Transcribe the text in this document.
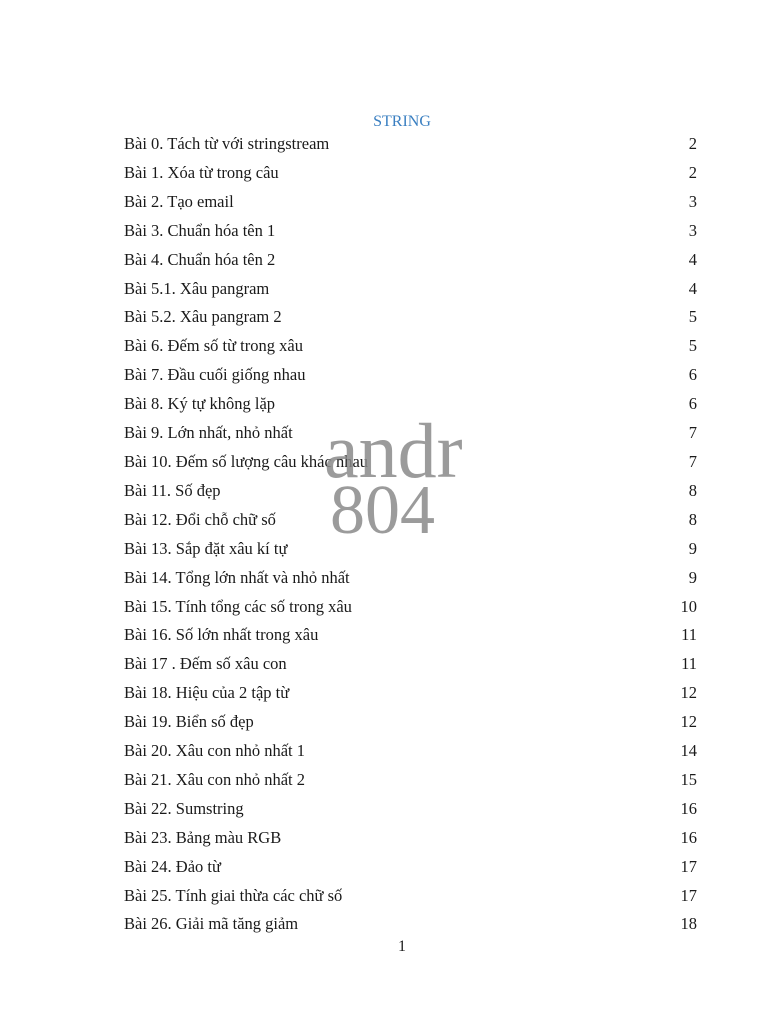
STRING
Bài 0. Tách từ với stringstream	2
Bài 1. Xóa từ trong câu	2
Bài 2. Tạo email	3
Bài 3. Chuẩn hóa tên 1	3
Bài 4. Chuẩn hóa tên 2	4
Bài 5.1. Xâu pangram	4
Bài 5.2. Xâu pangram 2	5
Bài 6. Đếm số từ trong xâu	5
Bài 7. Đầu cuối giống nhau	6
Bài 8. Ký tự không lặp	6
Bài 9. Lớn nhất, nhỏ nhất	7
Bài 10. Đếm số lượng câu khác nhau	7
Bài 11. Số đẹp	8
Bài 12. Đổi chỗ chữ số	8
Bài 13. Sắp đặt xâu kí tự	9
Bài 14. Tổng lớn nhất và nhỏ nhất	9
Bài 15. Tính tổng các số trong xâu	10
Bài 16. Số lớn nhất trong xâu	11
Bài 17 . Đếm số xâu con	11
Bài 18. Hiệu của 2 tập từ	12
Bài 19. Biển số đẹp	12
Bài 20. Xâu con nhỏ nhất 1	14
Bài 21. Xâu con nhỏ nhất 2	15
Bài 22. Sumstring	16
Bài 23. Bảng màu RGB	16
Bài 24. Đảo từ	17
Bài 25. Tính giai thừa các chữ số	17
Bài 26. Giải mã tăng giảm	18
andr
804
1
